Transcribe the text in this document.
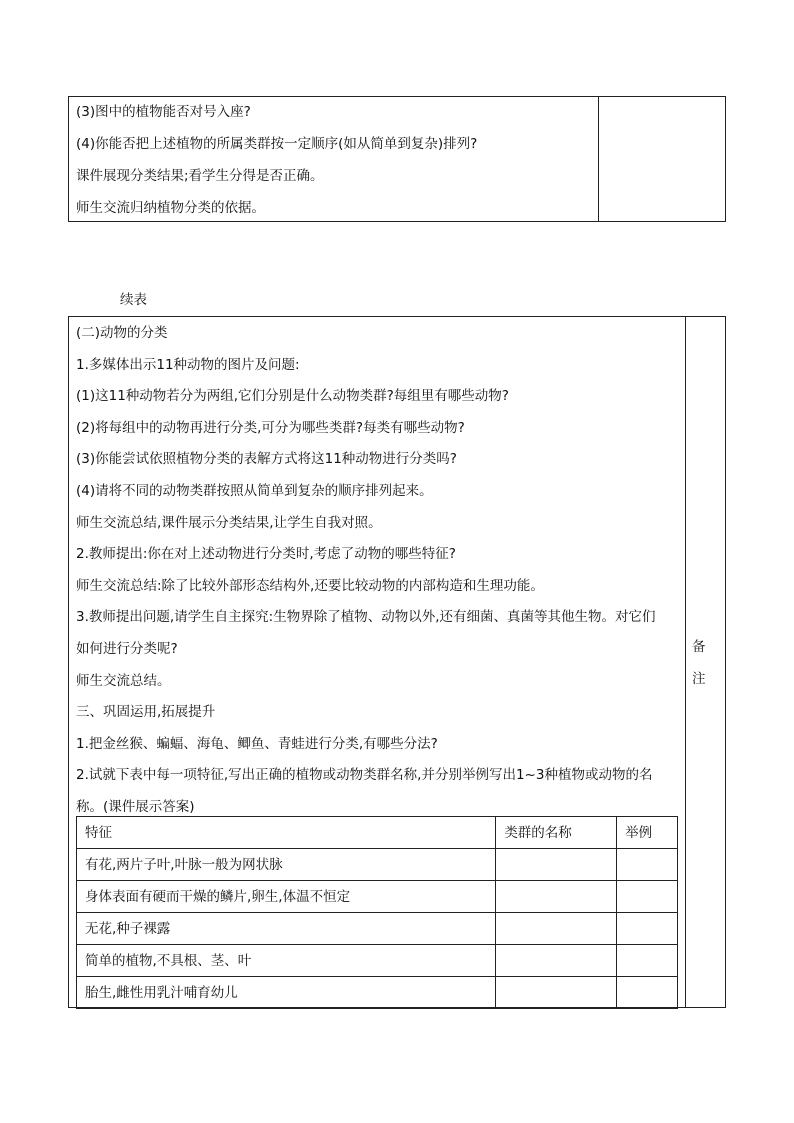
(3)图中的植物能否对号入座?
(4)你能否把上述植物的所属类群按一定顺序(如从简单到复杂)排列?
课件展现分类结果;看学生分得是否正确。
师生交流归纳植物分类的依据。
续表
(二)动物的分类
1.多媒体出示11种动物的图片及问题:
(1)这11种动物若分为两组,它们分别是什么动物类群?每组里有哪些动物?
(2)将每组中的动物再进行分类,可分为哪些类群?每类有哪些动物?
(3)你能尝试依照植物分类的表解方式将这11种动物进行分类吗?
(4)请将不同的动物类群按照从简单到复杂的顺序排列起来。
师生交流总结,课件展示分类结果,让学生自我对照。
2.教师提出:你在对上述动物进行分类时,考虑了动物的哪些特征?
师生交流总结:除了比较外部形态结构外,还要比较动物的内部构造和生理功能。
3.教师提出问题,请学生自主探究:生物界除了植物、动物以外,还有细菌、真菌等其他生物。对它们
如何进行分类呢?
师生交流总结。
三、巩固运用,拓展提升
1.把金丝猴、蝙蝠、海龟、鲫鱼、青蛙进行分类,有哪些分法?
2.试就下表中每一项特征,写出正确的植物或动物类群名称,并分别举例写出1~3种植物或动物的名
称。(课件展示答案)
备
注
特征	类群的名称	举例
有花,两片子叶,叶脉一般为网状脉		
身体表面有硬而干燥的鳞片,卵生,体温不恒定		
无花,种子裸露		
简单的植物,不具根、茎、叶		
胎生,雌性用乳汁哺育幼儿		
